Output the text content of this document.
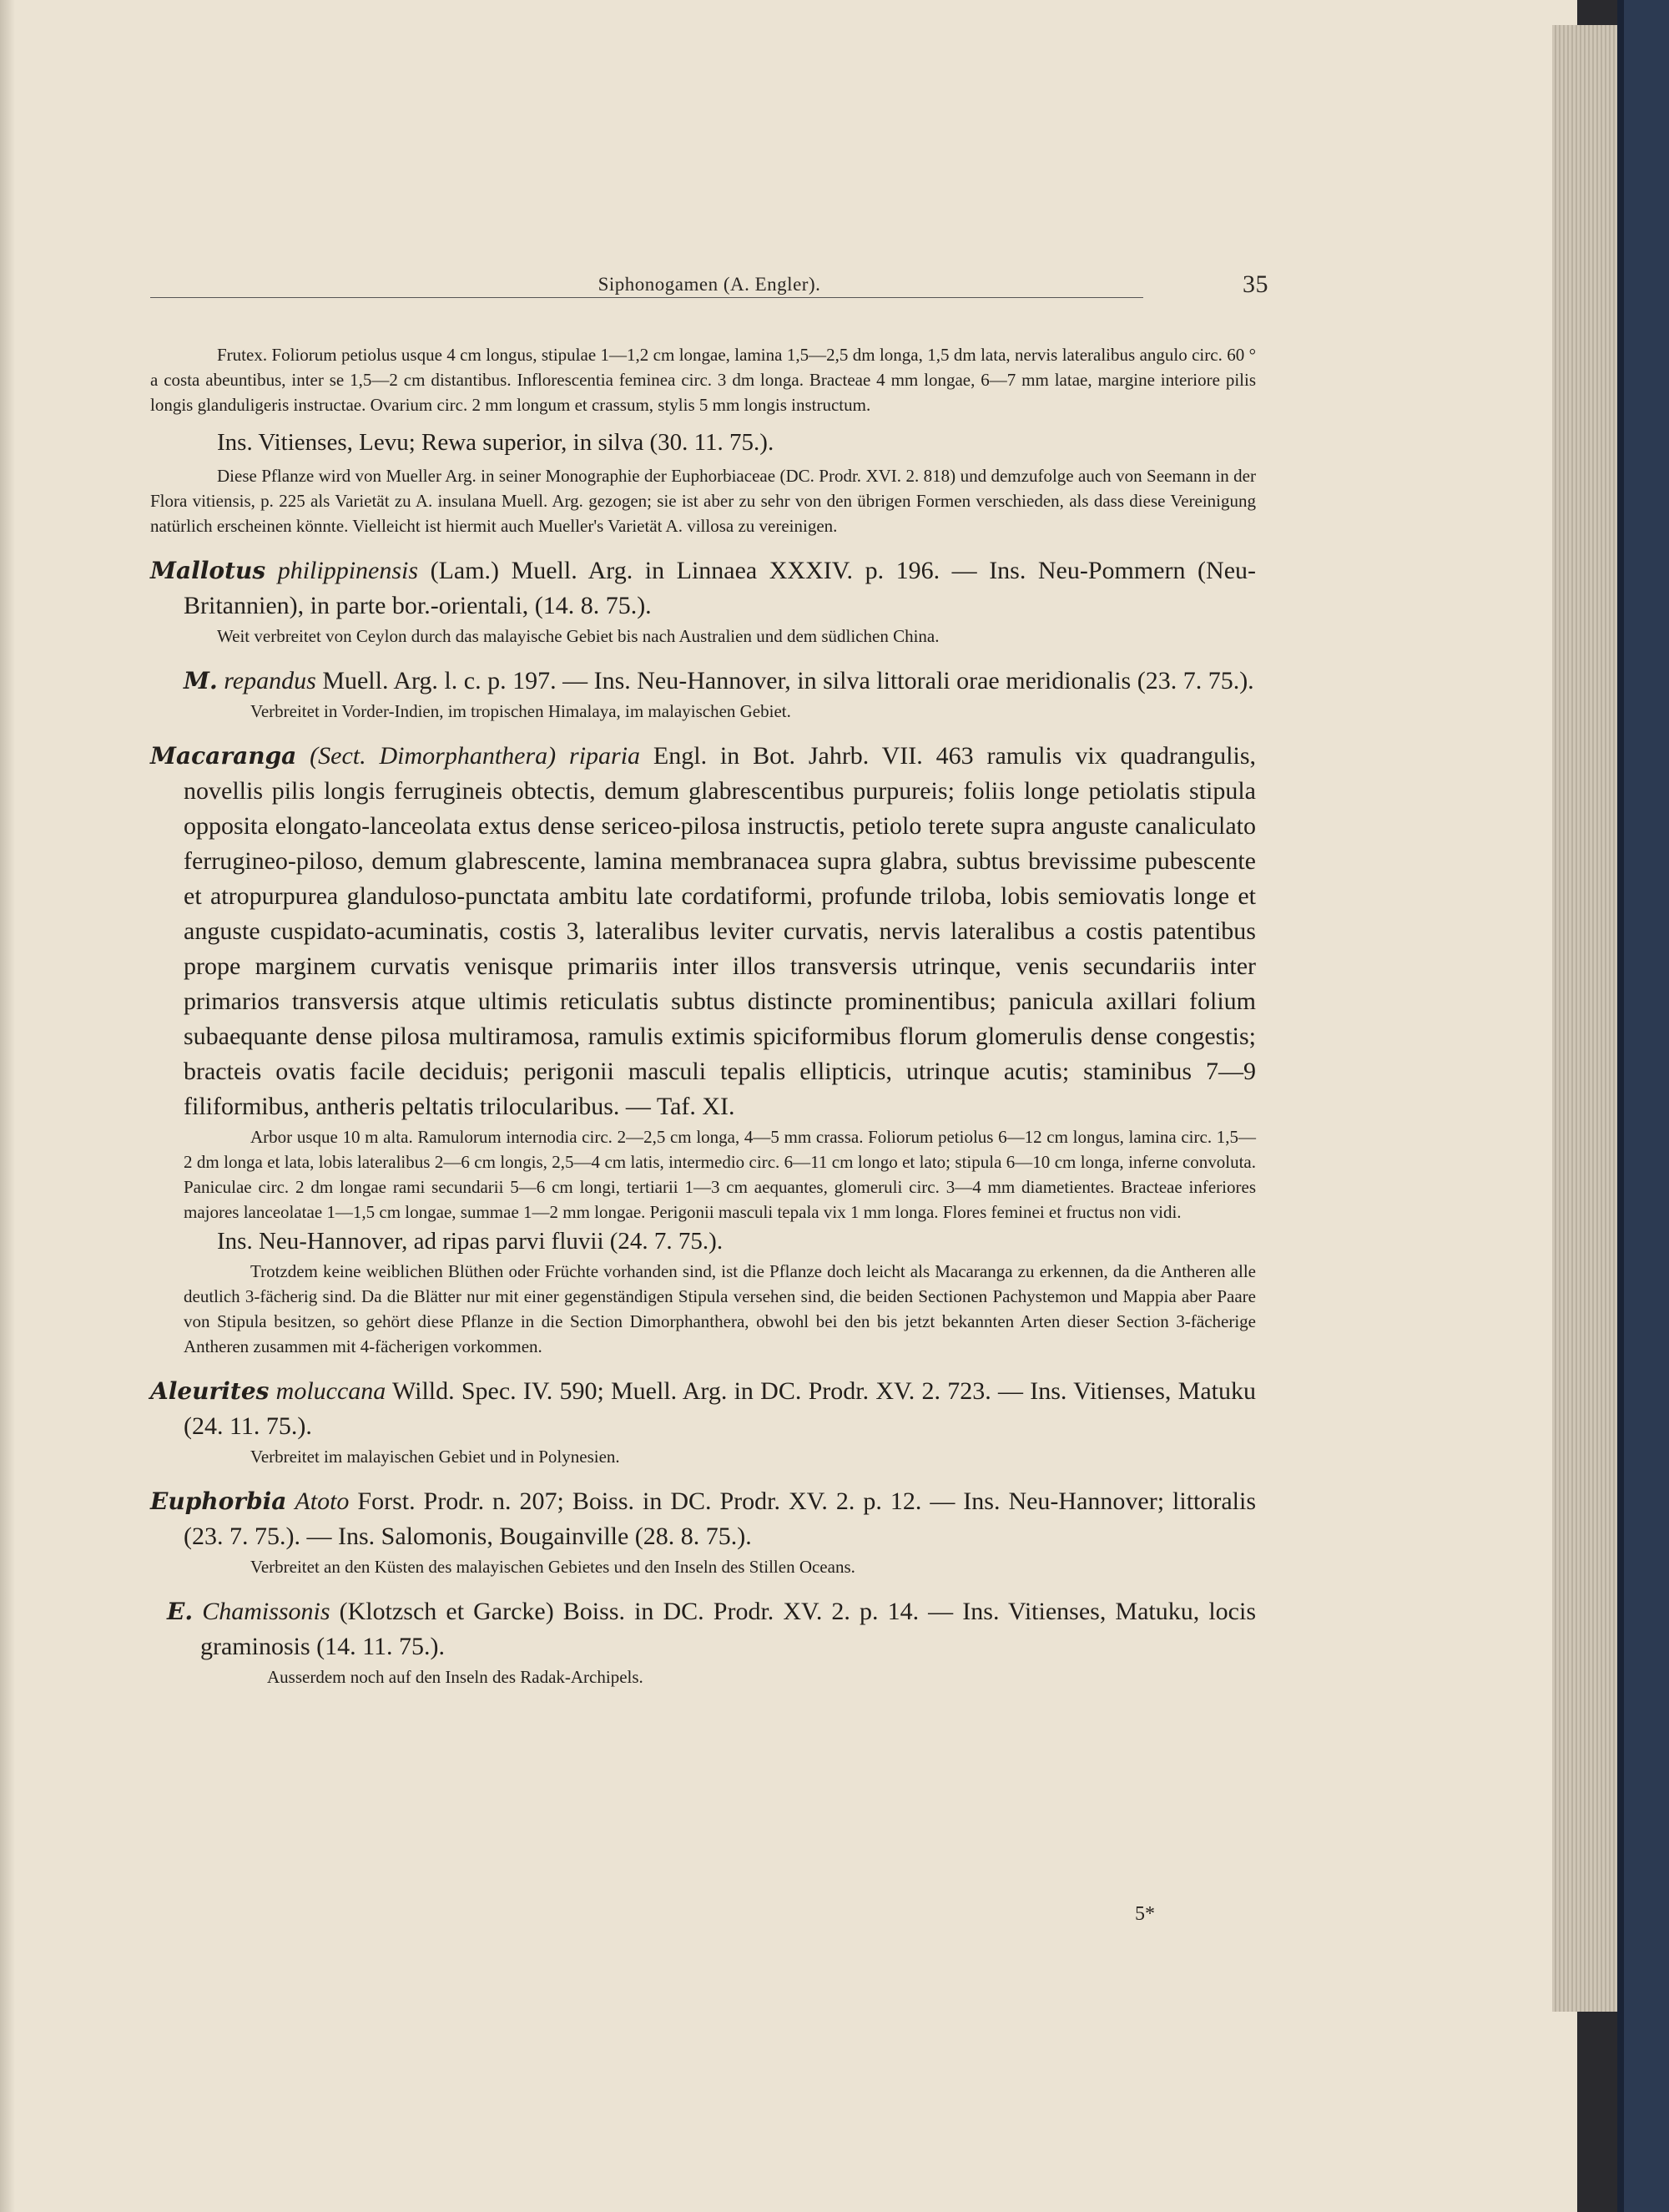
Siphonogamen (A. Engler).	35

Frutex. Foliorum petiolus usque 4 cm longus, stipulae 1—1,2 cm longae, lamina 1,5—2,5 dm longa, 1,5 dm lata, nervis lateralibus angulo circ. 60 ° a costa abeuntibus, inter se 1,5—2 cm distantibus. Inflorescentia feminea circ. 3 dm longa. Bracteae 4 mm longae, 6—7 mm latae, margine interiore pilis longis glanduligeris instructae. Ovarium circ. 2 mm longum et crassum, stylis 5 mm longis instructum.

Ins. Vitienses, Levu; Rewa superior, in silva (30. 11. 75.).

Diese Pflanze wird von Mueller Arg. in seiner Monographie der Euphorbiaceae (DC. Prodr. XVI. 2. 818) und demzufolge auch von Seemann in der Flora vitiensis, p. 225 als Varietät zu A. insulana Muell. Arg. gezogen; sie ist aber zu sehr von den übrigen Formen verschieden, als dass diese Vereinigung natürlich erscheinen könnte. Vielleicht ist hiermit auch Mueller's Varietät A. villosa zu vereinigen.

Mallotus philippinensis (Lam.) Muell. Arg. in Linnaea XXXIV. p. 196. — Ins. Neu-Pommern (Neu-Britannien), in parte bor.-orientali, (14. 8. 75.).

Weit verbreitet von Ceylon durch das malayische Gebiet bis nach Australien und dem südlichen China.

M. repandus Muell. Arg. l. c. p. 197. — Ins. Neu-Hannover, in silva littorali orae meridionalis (23. 7. 75.).

Verbreitet in Vorder-Indien, im tropischen Himalaya, im malayischen Gebiet.

Macaranga (Sect. Dimorphanthera) riparia Engl. in Bot. Jahrb. VII. 463 ramulis vix quadrangulis, novellis pilis longis ferrugineis obtectis, demum glabrescentibus purpureis; foliis longe petiolatis stipula opposita elongato-lanceolata extus dense sericeo-pilosa instructis, petiolo terete supra anguste canaliculato ferrugineo-piloso, demum glabrescente, lamina membranacea supra glabra, subtus brevissime pubescente et atropurpurea glanduloso-punctata ambitu late cordatiformi, profunde triloba, lobis semiovatis longe et anguste cuspidato-acuminatis, costis 3, lateralibus leviter curvatis, nervis lateralibus a costis patentibus prope marginem curvatis venisque primariis inter illos transversis utrinque, venis secundariis inter primarios transversis atque ultimis reticulatis subtus distincte prominentibus; panicula axillari folium subaequante dense pilosa multiramosa, ramulis extimis spiciformibus florum glomerulis dense congestis; bracteis ovatis facile deciduis; perigonii masculi tepalis ellipticis, utrinque acutis; staminibus 7—9 filiformibus, antheris peltatis trilocularibus. — Taf. XI.

Arbor usque 10 m alta. Ramulorum internodia circ. 2—2,5 cm longa, 4—5 mm crassa. Foliorum petiolus 6—12 cm longus, lamina circ. 1,5—2 dm longa et lata, lobis lateralibus 2—6 cm longis, 2,5—4 cm latis, intermedio circ. 6—11 cm longo et lato; stipula 6—10 cm longa, inferne convoluta. Paniculae circ. 2 dm longae rami secundarii 5—6 cm longi, tertiarii 1—3 cm aequantes, glomeruli circ. 3—4 mm diametientes. Bracteae inferiores majores lanceolatae 1—1,5 cm longae, summae 1—2 mm longae. Perigonii masculi tepala vix 1 mm longa. Flores feminei et fructus non vidi.

Ins. Neu-Hannover, ad ripas parvi fluvii (24. 7. 75.).

Trotzdem keine weiblichen Blüthen oder Früchte vorhanden sind, ist die Pflanze doch leicht als Macaranga zu erkennen, da die Antheren alle deutlich 3-fächerig sind. Da die Blätter nur mit einer gegenständigen Stipula versehen sind, die beiden Sectionen Pachystemon und Mappia aber Paare von Stipula besitzen, so gehört diese Pflanze in die Section Dimorphanthera, obwohl bei den bis jetzt bekannten Arten dieser Section 3-fächerige Antheren zusammen mit 4-fächerigen vorkommen.

Aleurites moluccana Willd. Spec. IV. 590; Muell. Arg. in DC. Prodr. XV. 2. 723. — Ins. Vitienses, Matuku (24. 11. 75.).

Verbreitet im malayischen Gebiet und in Polynesien.

Euphorbia Atoto Forst. Prodr. n. 207; Boiss. in DC. Prodr. XV. 2. p. 12. — Ins. Neu-Hannover; littoralis (23. 7. 75.). — Ins. Salomonis, Bougainville (28. 8. 75.).

Verbreitet an den Küsten des malayischen Gebietes und den Inseln des Stillen Oceans.

E. Chamissonis (Klotzsch et Garcke) Boiss. in DC. Prodr. XV. 2. p. 14. — Ins. Vitienses, Matuku, locis graminosis (14. 11. 75.).

Ausserdem noch auf den Inseln des Radak-Archipels.

5*
